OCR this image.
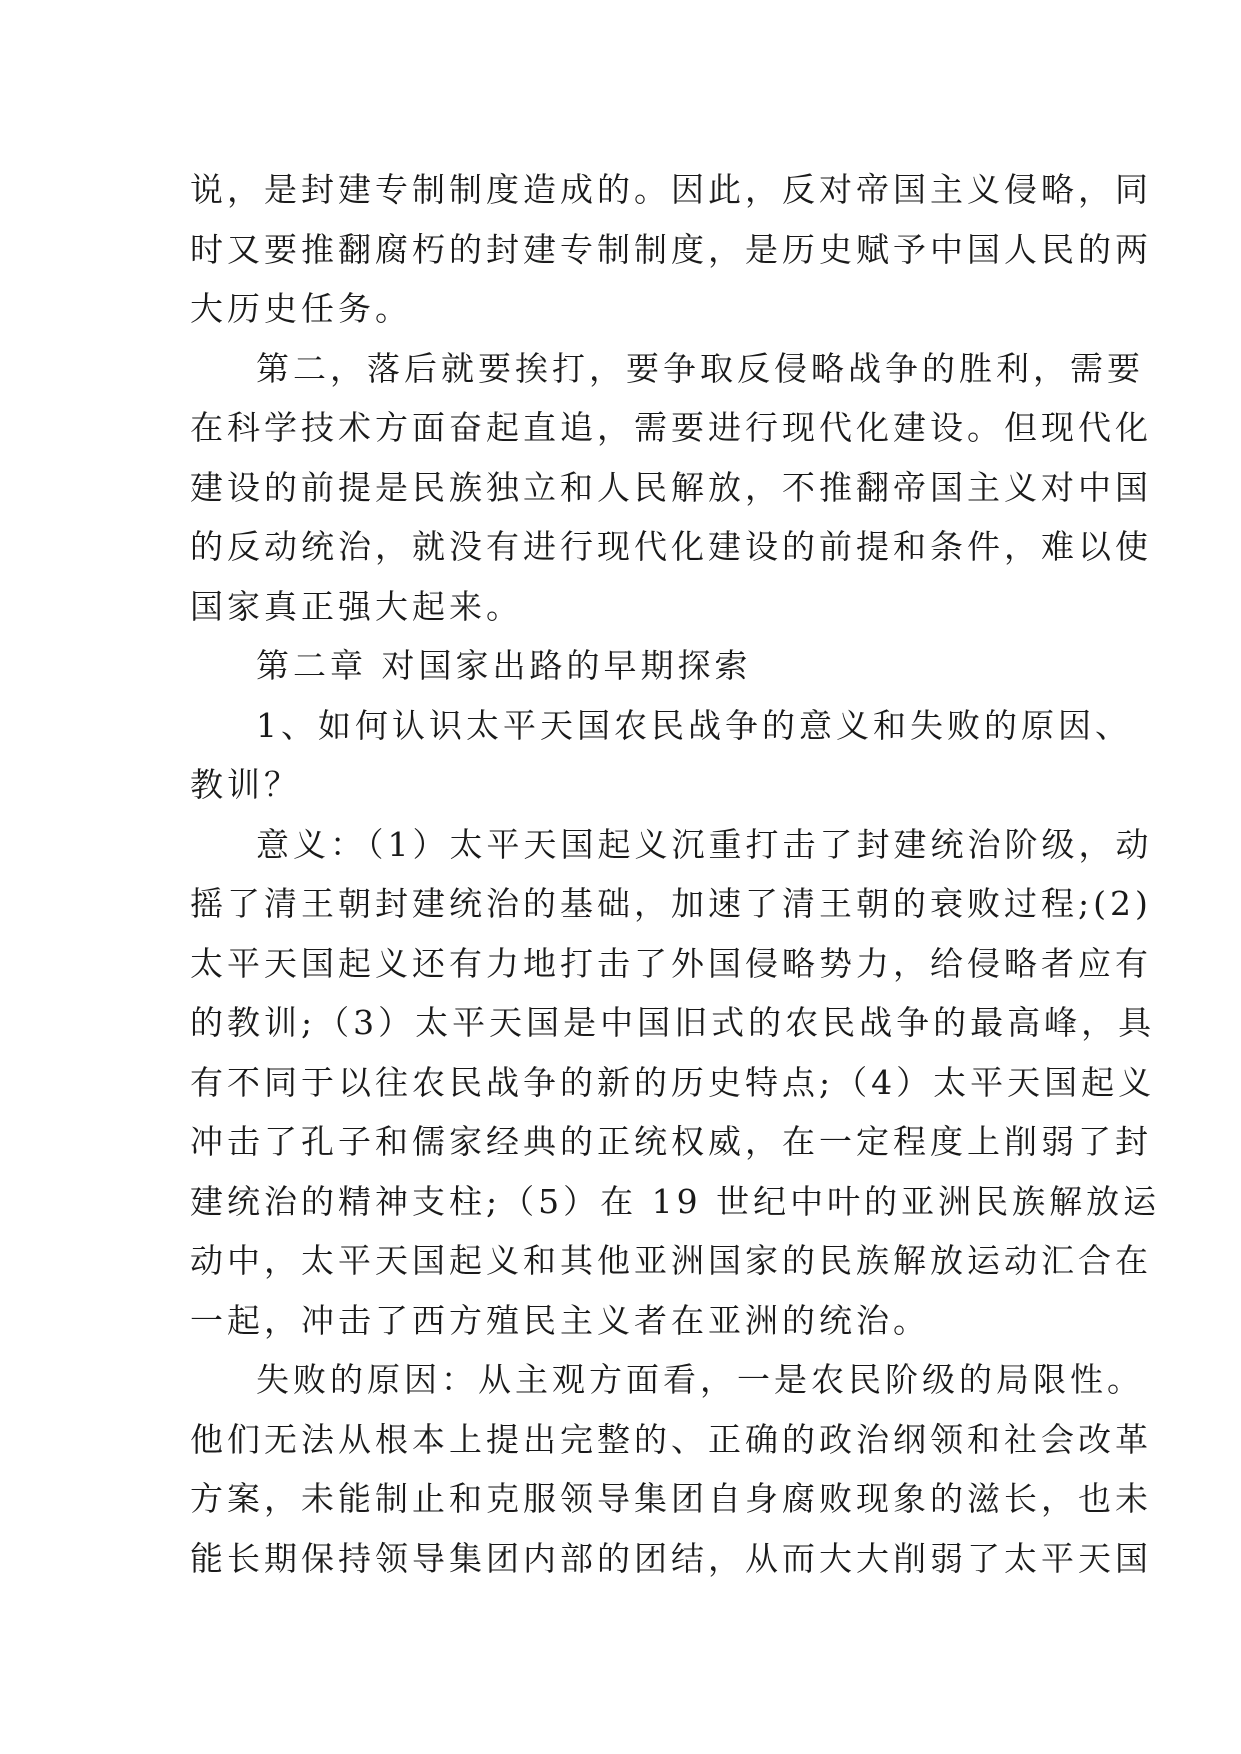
说，是封建专制制度造成的。因此，反对帝国主义侵略，同
时又要推翻腐朽的封建专制制度，是历史赋予中国人民的两
大历史任务。
第二，落后就要挨打，要争取反侵略战争的胜利，需要
在科学技术方面奋起直追，需要进行现代化建设。但现代化
建设的前提是民族独立和人民解放，不推翻帝国主义对中国
的反动统治，就没有进行现代化建设的前提和条件，难以使
国家真正强大起来。
第二章 对国家出路的早期探索
1、如何认识太平天国农民战争的意义和失败的原因、
教训？
意义：（1）太平天国起义沉重打击了封建统治阶级，动
摇了清王朝封建统治的基础，加速了清王朝的衰败过程;(2)
太平天国起义还有力地打击了外国侵略势力，给侵略者应有
的教训;（3）太平天国是中国旧式的农民战争的最高峰，具
有不同于以往农民战争的新的历史特点;（4）太平天国起义
冲击了孔子和儒家经典的正统权威，在一定程度上削弱了封
建统治的精神支柱;（5）在 19 世纪中叶的亚洲民族解放运
动中，太平天国起义和其他亚洲国家的民族解放运动汇合在
一起，冲击了西方殖民主义者在亚洲的统治。
失败的原因：从主观方面看，一是农民阶级的局限性。
他们无法从根本上提出完整的、正确的政治纲领和社会改革
方案，未能制止和克服领导集团自身腐败现象的滋长，也未
能长期保持领导集团内部的团结，从而大大削弱了太平天国
